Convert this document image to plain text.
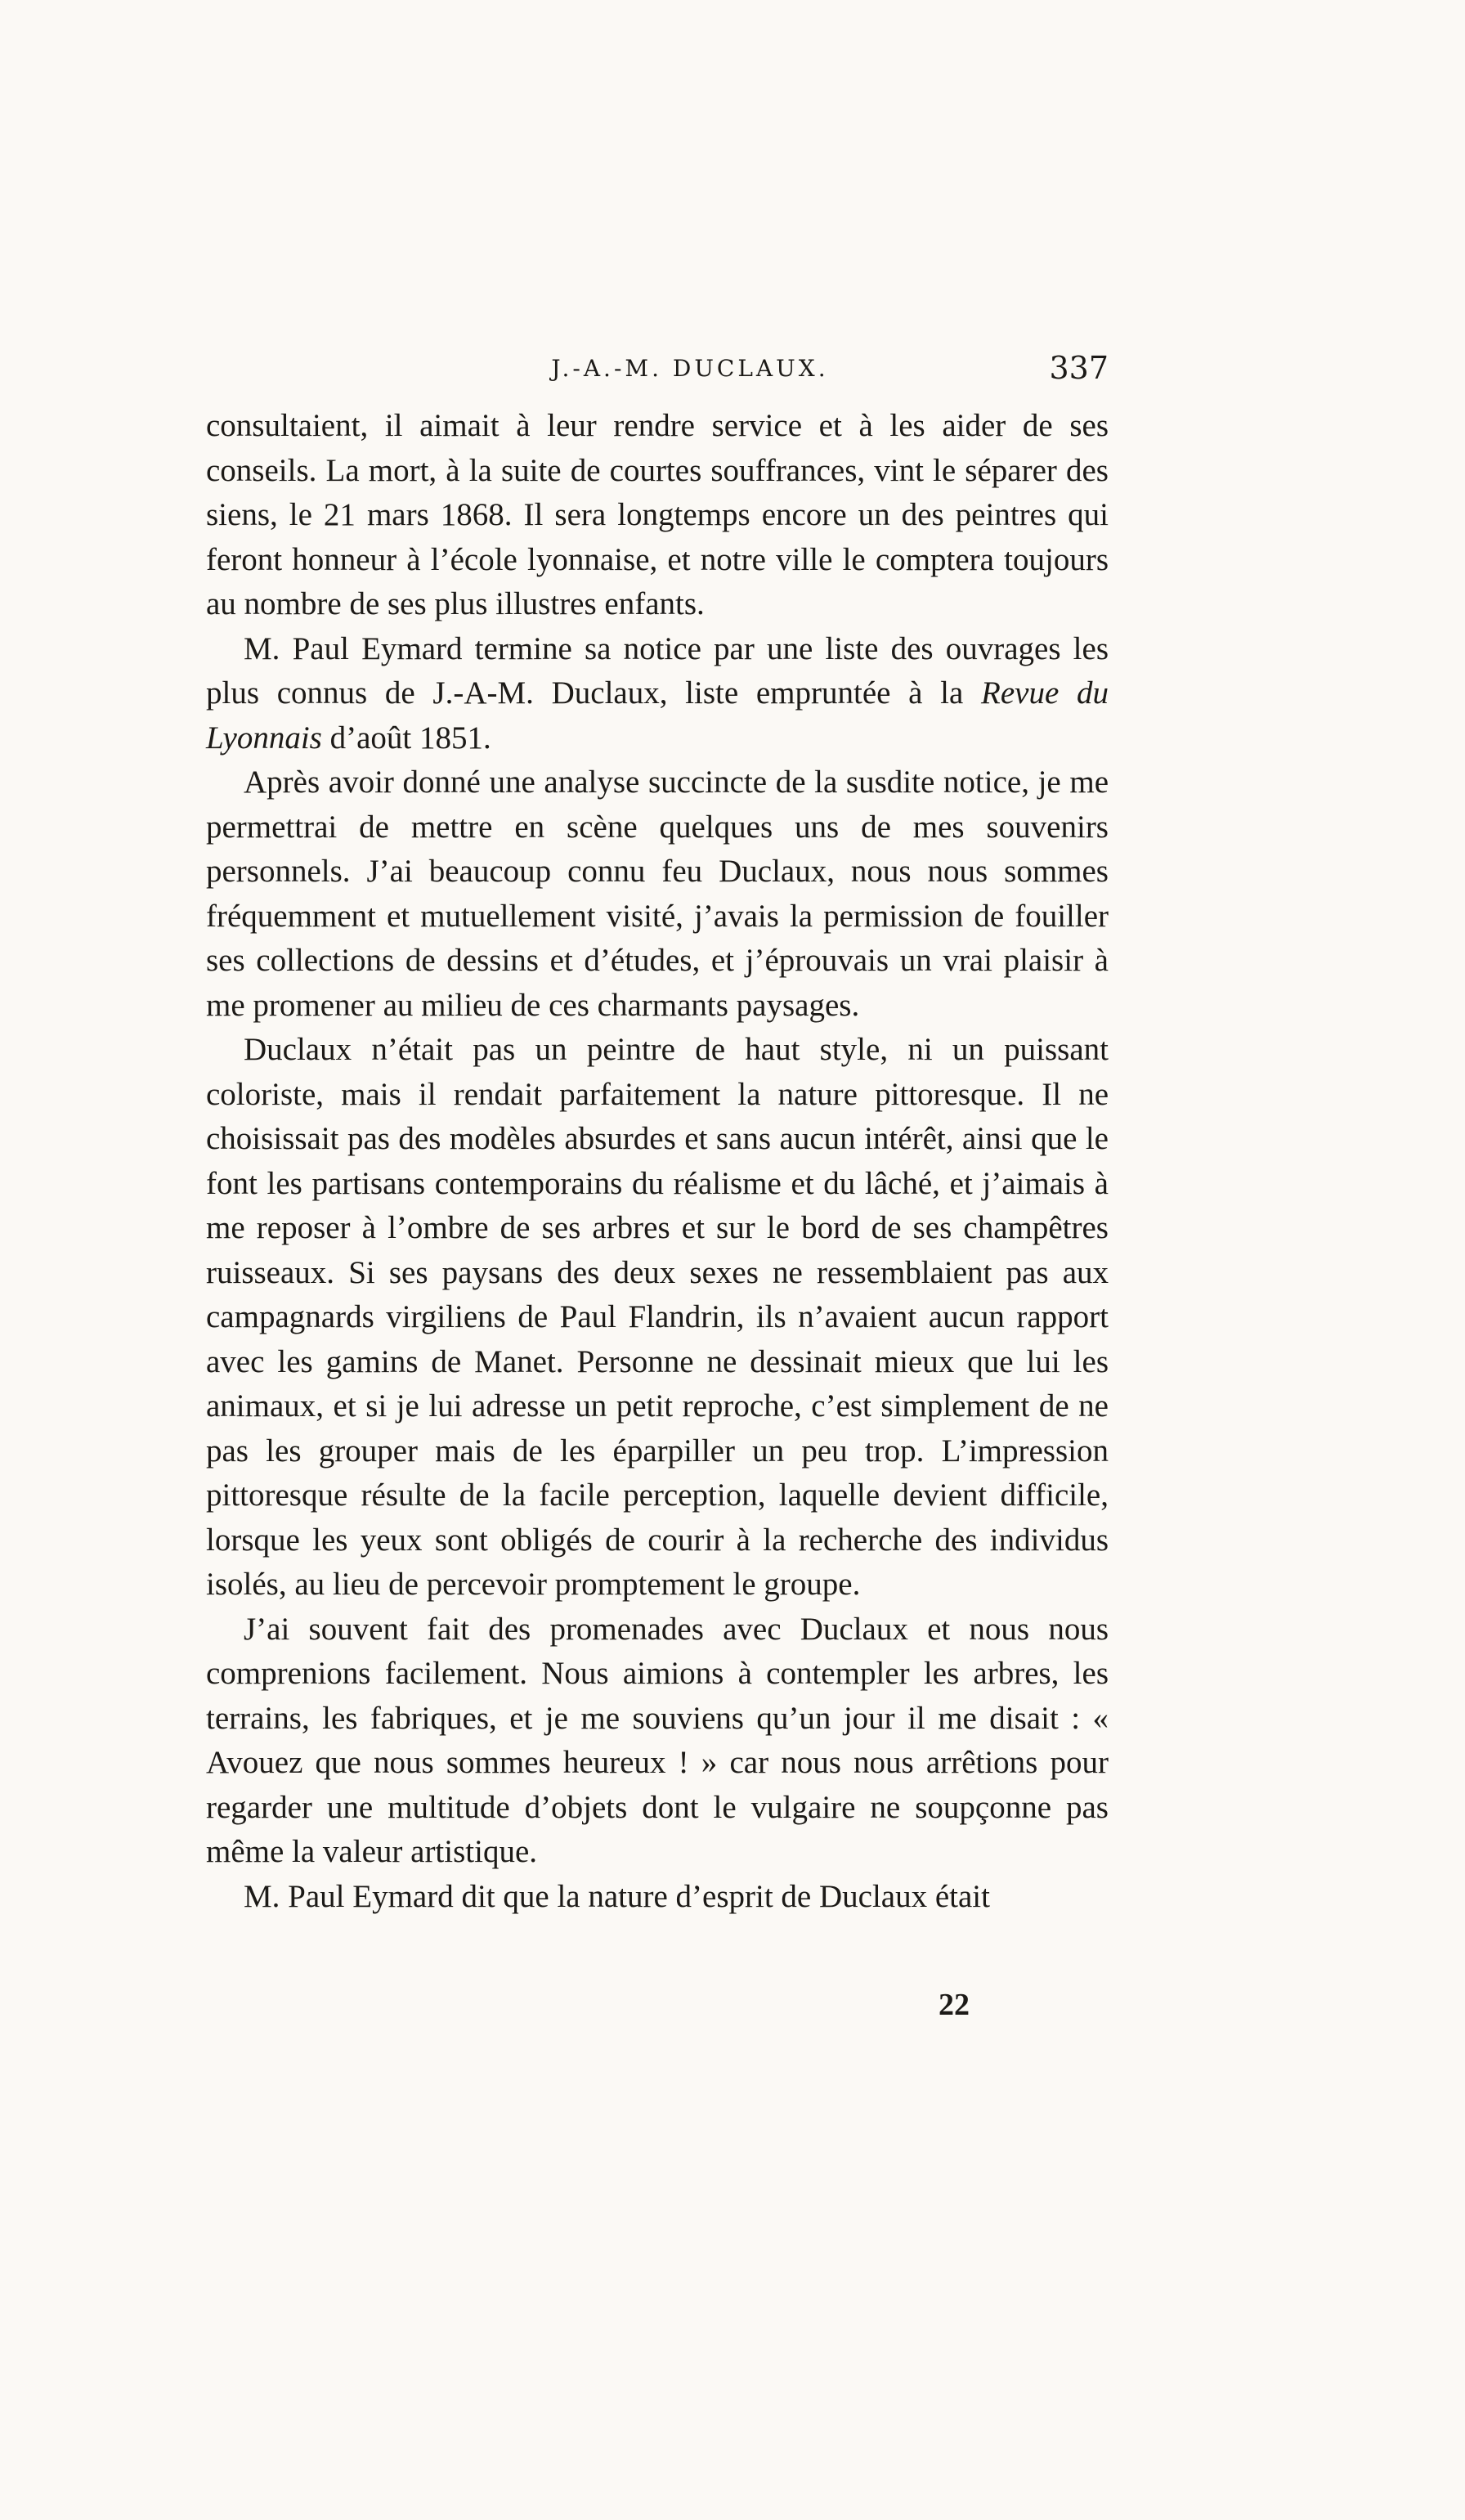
J.-A.-M. DUCLAUX.	337

consultaient, il aimait à leur rendre service et à les aider de ses conseils. La mort, à la suite de courtes souffrances, vint le séparer des siens, le 21 mars 1868. Il sera longtemps encore un des peintres qui feront honneur à l’école lyonnaise, et notre ville le comptera toujours au nombre de ses plus illustres enfants.

M. Paul Eymard termine sa notice par une liste des ouvrages les plus connus de J.-A-M. Duclaux, liste empruntée à la Revue du Lyonnais d’août 1851.

Après avoir donné une analyse succincte de la susdite notice, je me permettrai de mettre en scène quelques uns de mes souvenirs personnels. J’ai beaucoup connu feu Duclaux, nous nous sommes fréquemment et mutuellement visité, j’avais la permission de fouiller ses collections de dessins et d’études, et j’éprouvais un vrai plaisir à me promener au milieu de ces charmants paysages.

Duclaux n’était pas un peintre de haut style, ni un puissant coloriste, mais il rendait parfaitement la nature pittoresque. Il ne choisissait pas des modèles absurdes et sans aucun intérêt, ainsi que le font les partisans contemporains du réalisme et du lâché, et j’aimais à me reposer à l’ombre de ses arbres et sur le bord de ses champêtres ruisseaux. Si ses paysans des deux sexes ne ressemblaient pas aux campagnards virgiliens de Paul Flandrin, ils n’avaient aucun rapport avec les gamins de Manet. Personne ne dessinait mieux que lui les animaux, et si je lui adresse un petit reproche, c’est simplement de ne pas les grouper mais de les éparpiller un peu trop. L’impression pittoresque résulte de la facile perception, laquelle devient difficile, lorsque les yeux sont obligés de courir à la recherche des individus isolés, au lieu de percevoir promptement le groupe.

J’ai souvent fait des promenades avec Duclaux et nous nous comprenions facilement. Nous aimions à contempler les arbres, les terrains, les fabriques, et je me souviens qu’un jour il me disait : « Avouez que nous sommes heureux ! » car nous nous arrêtions pour regarder une multitude d’objets dont le vulgaire ne soupçonne pas même la valeur artistique.

M. Paul Eymard dit que la nature d’esprit de Duclaux était

22
